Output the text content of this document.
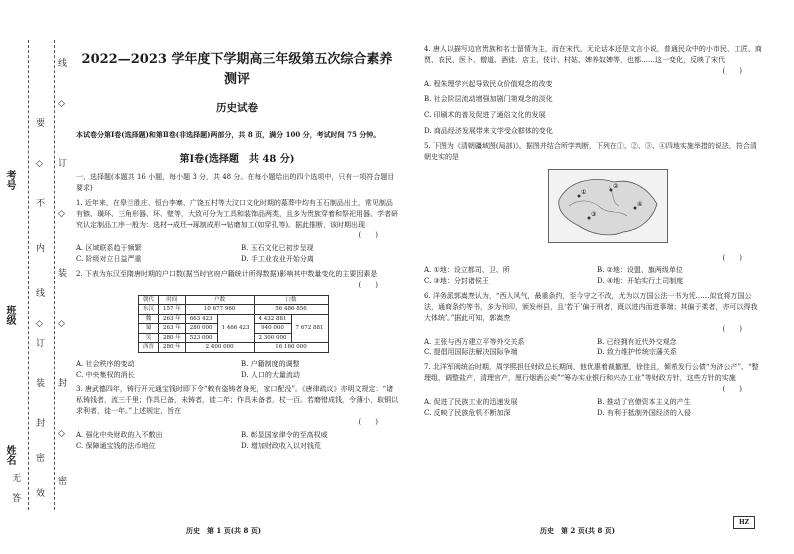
考号
班级
姓名
线
订
装
封
密
要
不
内
线
订
装
封
密
效
无
答
◇
◇
◇
◇
◇
◇
2022—2023 学年度下学期高三年级第五次综合素养测评
历史试卷
本试卷分第Ⅰ卷(选择题)和第Ⅱ卷(非选择题)两部分，共 8 页，满分 100 分，考试时间 75 分钟。
第Ⅰ卷(选择题　共 48 分)
一、选择题(本题共 16 小题，每小题 3 分，共 48 分。在每小题给出的四个选项中，只有一项符合题目要求)
1. 近年来，在皋兰胜庄、恒台李寨、广饶五村等大汶口文化时期的墓葬中均有玉石制品出土，常见制品有镞、璜环、三角形器、环、壁等，大致可分为工具和装饰品两类，且多为贵族穿着和祭祀用器。学者研究认定制品工序一般为：选材→成坯→琢制成形→钻磨加工(如穿孔等)。据此推断，该时期出现
(　　)
A. 区域联系趋于频繁	B. 玉石文化已初步呈现
C. 阶级对立日益严重	D. 手工业农业开始分离
2. 下表为东汉至隋唐时期的户口数(据当时官府户籍统计所得数据)影响其中数量变化的主要因素是
(　　)
朝代	时间	户数		口数	
东汉	157 年	10 677 960		56 486 856	
魏	263 年	663 423	1 466 423	4 432 881	7 672 881
蜀	263 年	280 000		940 000	
吴	280 年	523 000		2 300 000	
西晋	280 年	2 400 000		16 160 000	
A. 社会秩序的变动	B. 户籍制度的调整
C. 中央集权的消长	D. 人口的大量流动
3. 唐武德四年，铸行开元通宝钱时即下令“敕有盗铸者身死，家口配没”。《唐律疏议》亦明文规定：“诸私铸钱者，流三千里；作具已备，未铸者，徒二年；作具未备者，杖一百。若磨错成钱，令薄小，取铜以求利者，徒一年。”上述规定，旨在
(　　)
A. 强化中央财政的入不敷出	B. 彰显国家律令的至高权威
C. 保障通宝钱的法币地位	D. 增加财政收入以对钱荒
4. 唐人以描写边官贵族和名士留情为主，而在宋代，无论话本还是文言小说，普通民众中的小市民、工匠、商贾、农民、医卜、僧道、酒徒、店主、伎计、村姑、婢养奴婢等，也都……这一变化，反映了宋代
(　　)
A. 程朱理学兴起导致民众价值观念的改变
B. 社会阶层流动增强加剧门第观念的淡化
C. 印刷术的普及促进了通俗文化的发展
D. 商品经济发展带来文学受众群体的变化
5. 下图为《清朝疆域图(局部)》。据图并结合所学判断，下列在①、②、③、④四地实施举措的说法，符合清朝史实的是
①
②
③
④
(　　)
A. ①地：设立都司、卫、所	B. ②地：设盟、旗两级单位
C. ③地：分封诸侯王	D. ④地：开始实行土司制度
6. 洋务派郭嵩焘认为，“西人风气，最重条约，至今守之不改，尤为以万国公法一书为凭……似宜将万国公法，通商条约等书，多为刊印，颁发州县，且‘若干’偏于刑者，既以进内而进事端；其偏于柔者，亦可以得我大体统’。”据此可知，郭嵩焘
(　　)
A. 主张与西方建立平等外交关系	B. 已经拥有近代外交观念
C. 提倡用国际法解决国际争端	D. 致力维护传统宗藩关系
7. 北洋军阀统治时期，周学熙担任财政总长期间，他优惠着裁撤厘，徐佳且，倾希发行公债“为济公产”、“整理组，调整盐产，清理官产，厘行烟酒公卖”“筹办实业银行和兴办工业”等财政方针，这些方针的实施
(　　)
A. 促进了民族工业的迅速发展	B. 推动了官僚资本主义的产生
C. 反映了民族危机不断加深	D. 有利于抵制外国经济的入侵
历史　第 1 页(共 8 页)	历史　第 2 页(共 8 页)
HZ
